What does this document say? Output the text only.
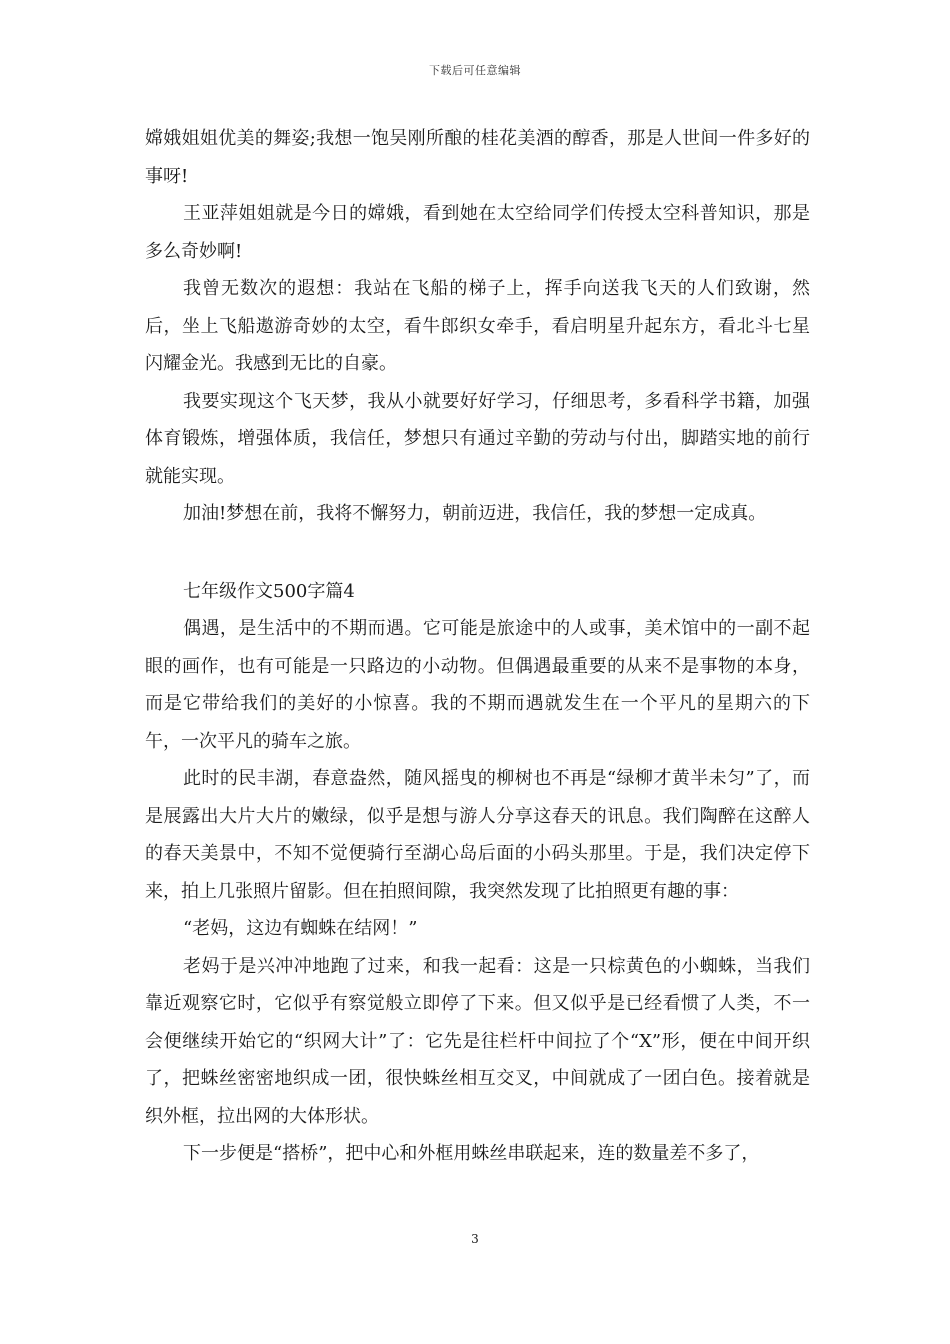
下载后可任意编辑

嫦娥姐姐优美的舞姿;我想一饱吴刚所酿的桂花美酒的醇香，那是人世间一件多好的事呀!

王亚萍姐姐就是今日的嫦娥，看到她在太空给同学们传授太空科普知识，那是多么奇妙啊!

我曾无数次的遐想：我站在飞船的梯子上，挥手向送我飞天的人们致谢，然后，坐上飞船遨游奇妙的太空，看牛郎织女牵手，看启明星升起东方，看北斗七星闪耀金光。我感到无比的自豪。

我要实现这个飞天梦，我从小就要好好学习，仔细思考，多看科学书籍，加强体育锻炼，增强体质，我信任，梦想只有通过辛勤的劳动与付出，脚踏实地的前行就能实现。

加油!梦想在前，我将不懈努力，朝前迈进，我信任，我的梦想一定成真。

七年级作文500字篇4

偶遇，是生活中的不期而遇。它可能是旅途中的人或事，美术馆中的一副不起眼的画作，也有可能是一只路边的小动物。但偶遇最重要的从来不是事物的本身，而是它带给我们的美好的小惊喜。我的不期而遇就发生在一个平凡的星期六的下午，一次平凡的骑车之旅。

此时的民丰湖，春意盎然，随风摇曳的柳树也不再是“绿柳才黄半未匀”了，而是展露出大片大片的嫩绿，似乎是想与游人分享这春天的讯息。我们陶醉在这醉人的春天美景中，不知不觉便骑行至湖心岛后面的小码头那里。于是，我们决定停下来，拍上几张照片留影。但在拍照间隙，我突然发现了比拍照更有趣的事：

“老妈，这边有蜘蛛在结网！”

老妈于是兴冲冲地跑了过来，和我一起看：这是一只棕黄色的小蜘蛛，当我们靠近观察它时，它似乎有察觉般立即停了下来。但又似乎是已经看惯了人类，不一会便继续开始它的“织网大计”了：它先是往栏杆中间拉了个“X”形，便在中间开织了，把蛛丝密密地织成一团，很快蛛丝相互交叉，中间就成了一团白色。接着就是织外框，拉出网的大体形状。

下一步便是“搭桥”，把中心和外框用蛛丝串联起来，连的数量差不多了，

3
